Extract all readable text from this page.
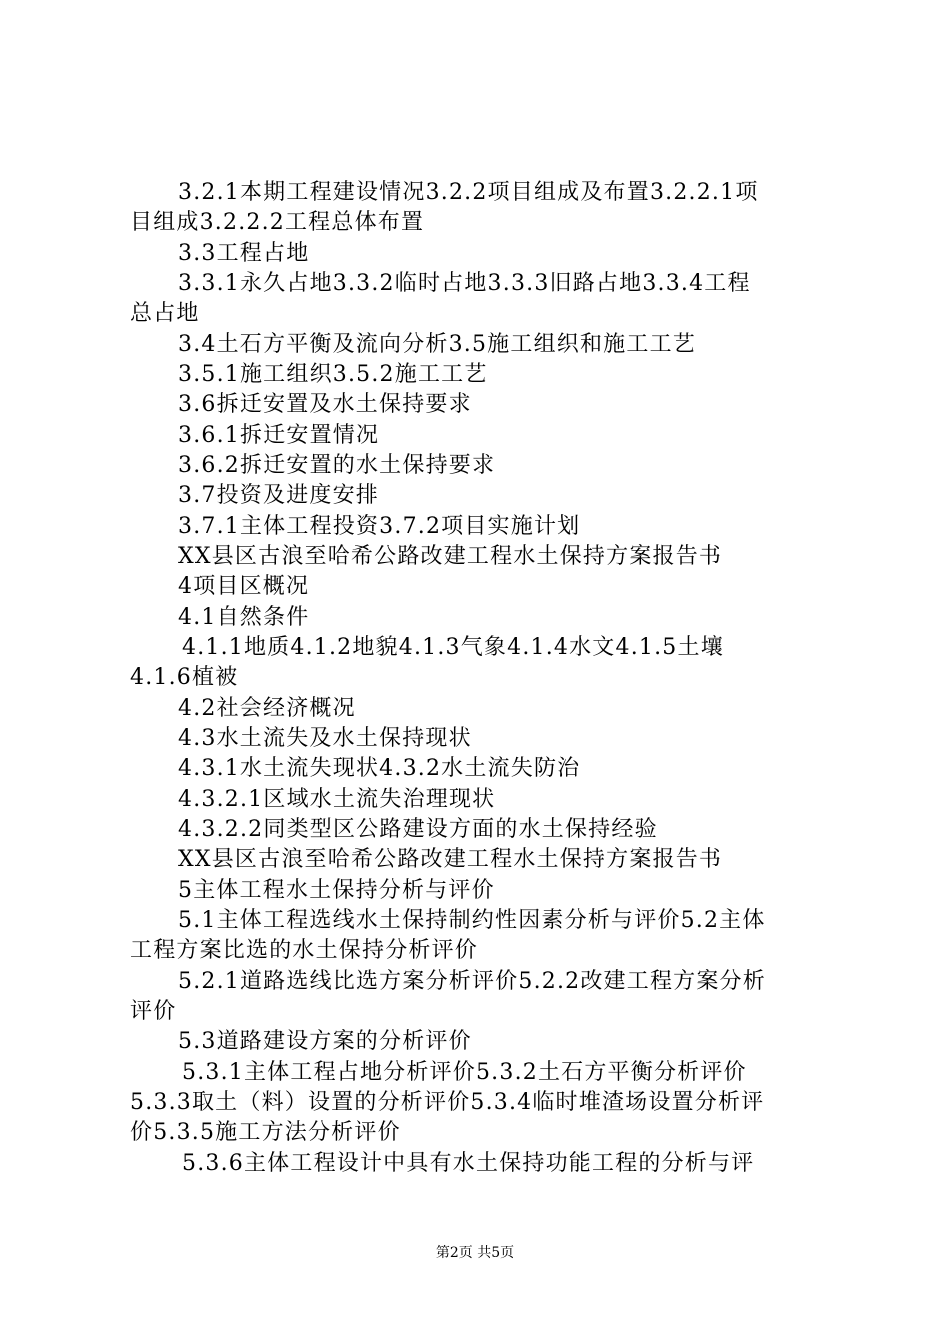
3.2.1本期工程建设情况3.2.2项目组成及布置3.2.2.1项
目组成3.2.2.2工程总体布置
3.3工程占地
3.3.1永久占地3.3.2临时占地3.3.3旧路占地3.3.4工程
总占地
3.4土石方平衡及流向分析3.5施工组织和施工工艺
3.5.1施工组织3.5.2施工工艺
3.6拆迁安置及水土保持要求
3.6.1拆迁安置情况
3.6.2拆迁安置的水土保持要求
3.7投资及进度安排
3.7.1主体工程投资3.7.2项目实施计划
XX县区古浪至哈希公路改建工程水土保持方案报告书
4项目区概况
4.1自然条件
4.1.1地质4.1.2地貌4.1.3气象4.1.4水文4.1.5土壤
4.1.6植被
4.2社会经济概况
4.3水土流失及水土保持现状
4.3.1水土流失现状4.3.2水土流失防治
4.3.2.1区域水土流失治理现状
4.3.2.2同类型区公路建设方面的水土保持经验
XX县区古浪至哈希公路改建工程水土保持方案报告书
5主体工程水土保持分析与评价
5.1主体工程选线水土保持制约性因素分析与评价5.2主体
工程方案比选的水土保持分析评价
5.2.1道路选线比选方案分析评价5.2.2改建工程方案分析
评价
5.3道路建设方案的分析评价
5.3.1主体工程占地分析评价5.3.2土石方平衡分析评价
5.3.3取土（料）设置的分析评价5.3.4临时堆渣场设置分析评
价5.3.5施工方法分析评价
5.3.6主体工程设计中具有水土保持功能工程的分析与评
第2页 共5页
